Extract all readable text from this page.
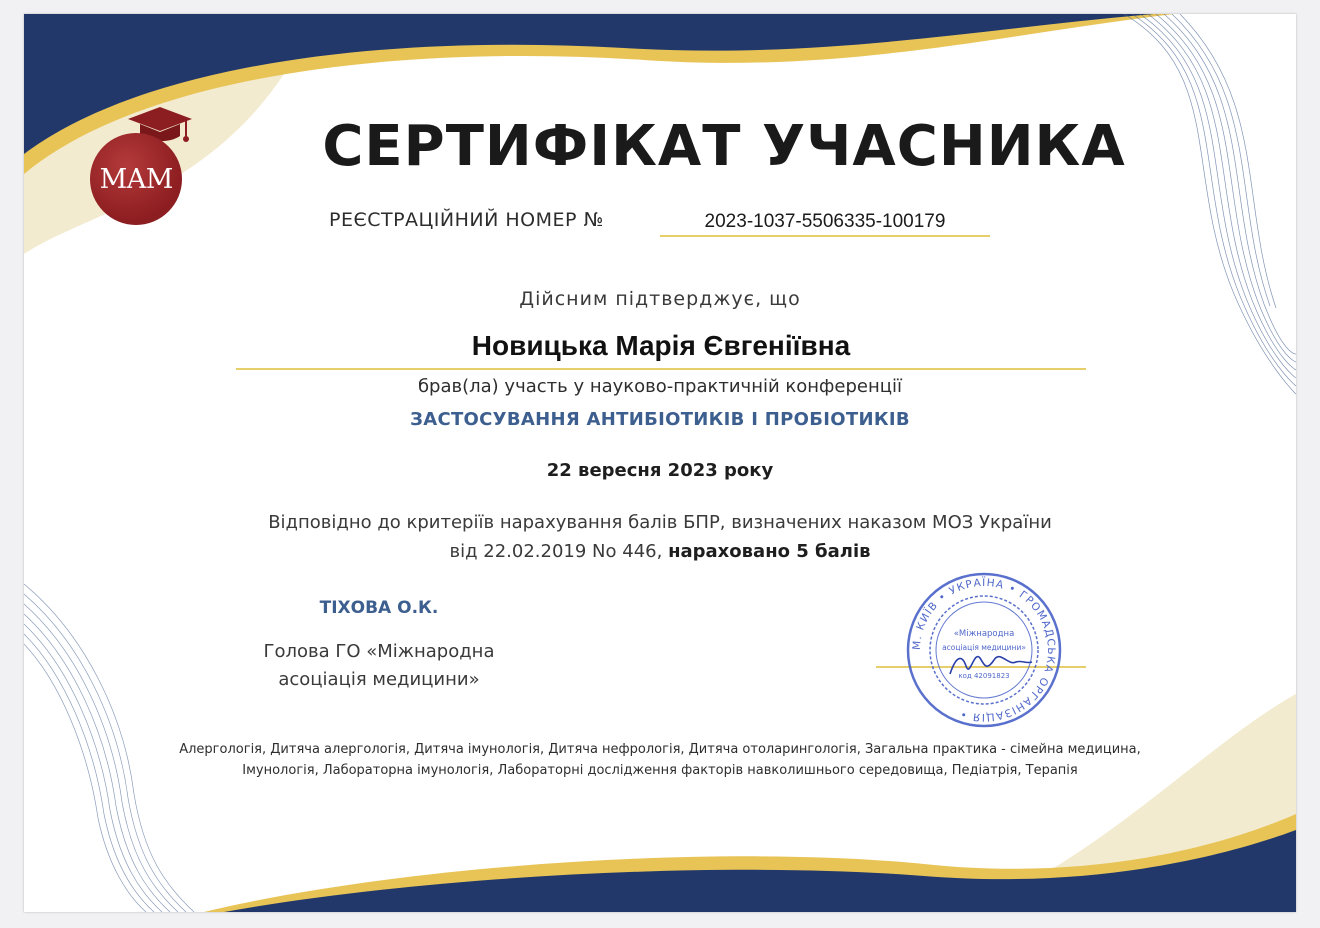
МАМ	СЕРТИФІКАТ УЧАСНИКА
РЕЄСТРАЦІЙНИЙ НОМЕР №	2023-1037-5506335-100179
Дійсним підтверджує, що
Новицька Марія Євгеніївна
брав(ла) участь у науково-практичній конференції
ЗАСТОСУВАННЯ АНТИБІОТИКІВ І ПРОБІОТИКІВ
22 вересня 2023 року
Відповідно до критеріїв нарахування балів БПР, визначених наказом МОЗ України
від 22.02.2019 No 446, нараховано 5 балів
ТІХОВА О.К.
Голова ГО «Міжнародна
асоціація медицини»
М. КИЇВ • УКРАЇНА • ГРОМАДСЬКА ОРГАНІЗАЦІЯ •
«Міжнародна
асоціація медицини»
код 42091823
Алергологія, Дитяча алергологія, Дитяча імунологія, Дитяча нефрологія, Дитяча отоларингологія, Загальна практика - сімейна медицина,
Імунологія, Лабораторна імунологія, Лабораторні дослідження факторів навколишнього середовища, Педіатрія, Терапія
